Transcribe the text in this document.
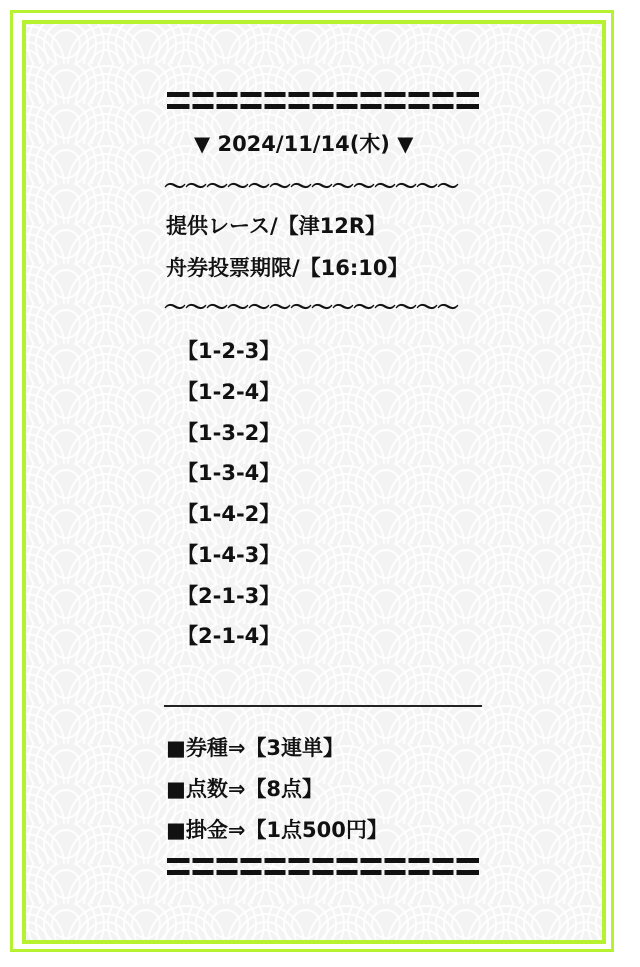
▼ 2024/11/14(木) ▼
〜〜〜〜〜〜〜〜〜〜〜〜〜〜
提供レース/【津12R】
舟券投票期限/【16:10】
〜〜〜〜〜〜〜〜〜〜〜〜〜〜
【1-2-3】
【1-2-4】
【1-3-2】
【1-3-4】
【1-4-2】
【1-4-3】
【2-1-3】
【2-1-4】
■券種⇒【3連単】
■点数⇒【8点】
■掛金⇒【1点500円】
